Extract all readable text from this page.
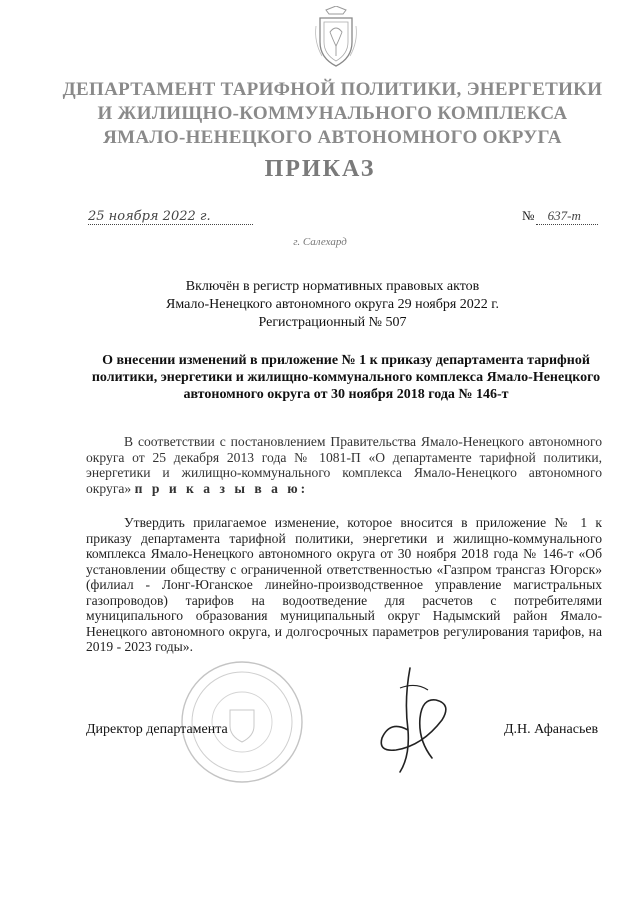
ДЕПАРТАМЕНТ ТАРИФНОЙ ПОЛИТИКИ, ЭНЕРГЕТИКИ
И ЖИЛИЩНО-КОММУНАЛЬНОГО КОМПЛЕКСА
ЯМАЛО-НЕНЕЦКОГО АВТОНОМНОГО ОКРУГА
ПРИКАЗ
25 ноября 2022 г.	№ 637-т
г. Салехард
Включён в регистр нормативных правовых актов
Ямало-Ненецкого автономного округа 29 ноября 2022 г.
Регистрационный № 507
О внесении изменений в приложение № 1 к приказу департамента тарифной политики, энергетики и жилищно-коммунального комплекса Ямало-Ненецкого автономного округа от 30 ноября 2018 года № 146-т
В соответствии с постановлением Правительства Ямало-Ненецкого автономного округа от 25 декабря 2013 года № 1081-П «О департаменте тарифной политики, энергетики и жилищно-коммунального комплекса Ямало-Ненецкого автономного округа» п р и к а з ы в а ю:
Утвердить прилагаемое изменение, которое вносится в приложение № 1 к приказу департамента тарифной политики, энергетики и жилищно-коммунального комплекса Ямало-Ненецкого автономного округа от 30 ноября 2018 года № 146-т «Об установлении обществу с ограниченной ответственностью «Газпром трансгаз Югорск» (филиал - Лонг-Юганское линейно-производственное управление магистральных газопроводов) тарифов на водоотведение для расчетов с потребителями муниципального образования муниципальный округ Надымский район Ямало-Ненецкого автономного округа, и долгосрочных параметров регулирования тарифов, на 2019 - 2023 годы».
Директор департамента	Д.Н. Афанасьев
